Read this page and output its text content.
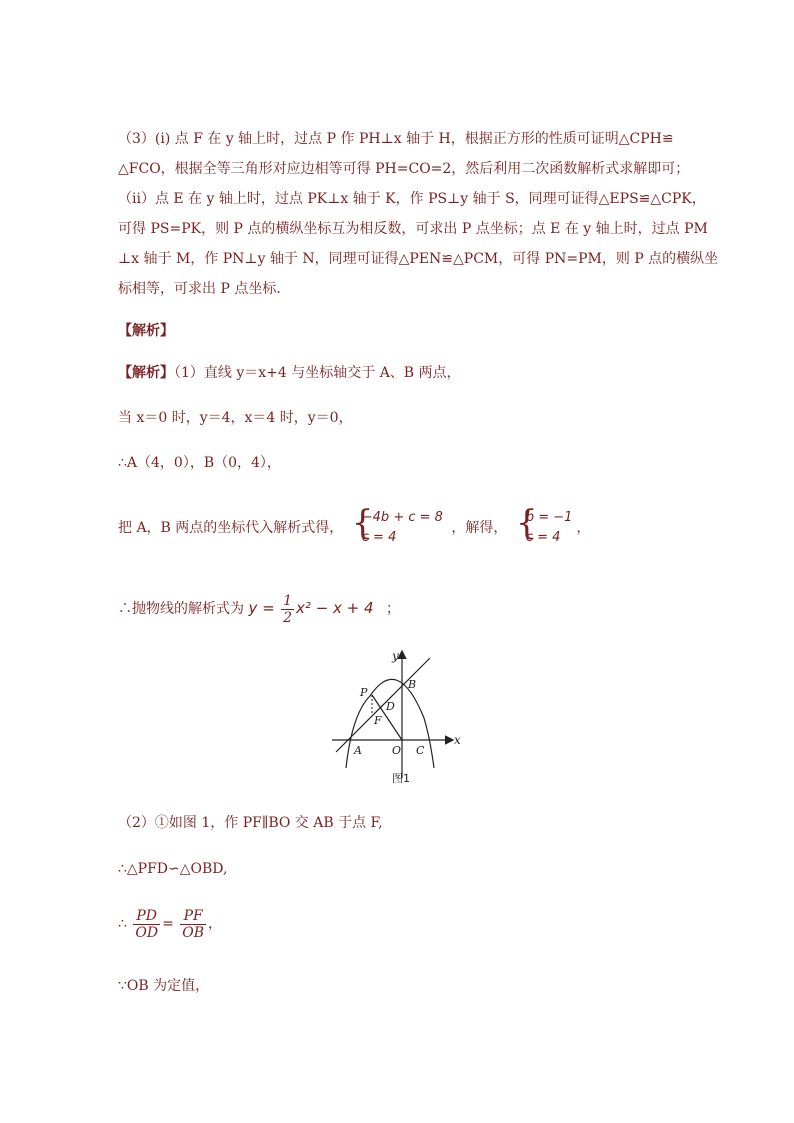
（3）(i) 点 F 在 y 轴上时，过点 P 作 PH⊥x 轴于 H，根据正方形的性质可证明△CPH≌
△FCO，根据全等三角形对应边相等可得 PH=CO=2，然后利用二次函数解析式求解即可；
（ii）点 E 在 y 轴上时，过点 PK⊥x 轴于 K，作 PS⊥y 轴于 S，同理可证得△EPS≌△CPK，
可得 PS=PK，则 P 点的横纵坐标互为相反数，可求出 P 点坐标；点 E 在 y 轴上时，过点 PM
⊥x 轴于 M，作 PN⊥y 轴于 N，同理可证得△PEN≌△PCM，可得 PN=PM，则 P 点的横纵坐
标相等，可求出 P 点坐标．
【解析】
【解析】（1）直线 y＝x+4 与坐标轴交于 A、B 两点，
当 x＝0 时，y＝4，x＝4 时，y＝0，
∴A（4，0），B（0，4），
把 A，B 两点的坐标代入解析式得， {
−4b + c = 8
c = 4
，解得， {
b = −1
c = 4
，
∴抛物线的解析式为 $y = \frac{1}{2} x^2 - x + 4$ ；
y
x
P
B
D
F
A	O C
图1
（2）①如图 1，作 PF∥BO 交 AB 于点 F,
∴△PFD∽△OBD,
∴ $\frac{PD}{OD} = \frac{PF}{OB}$ ，
∵OB 为定值，
